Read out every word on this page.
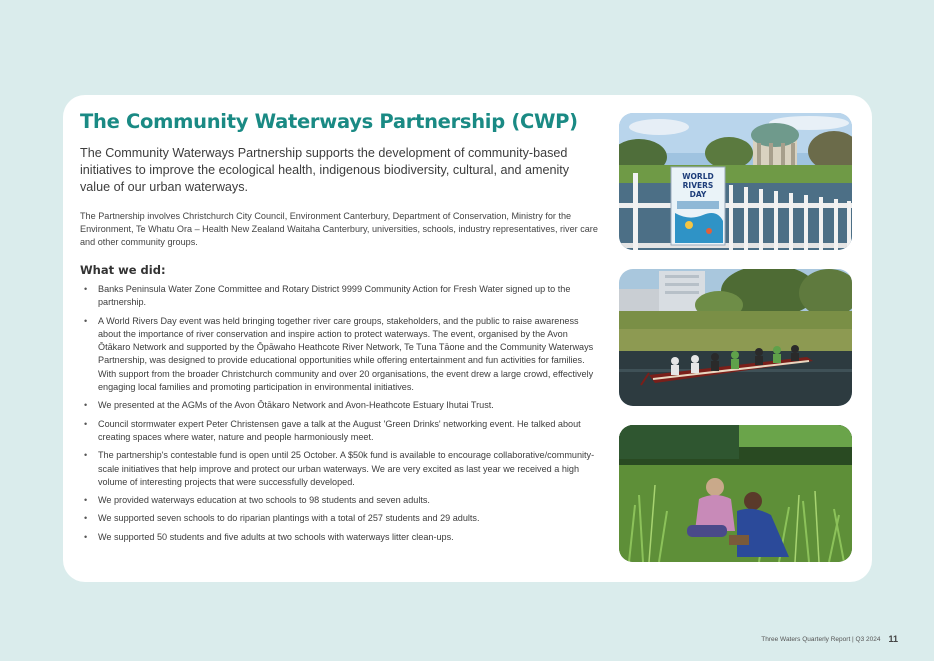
The Community Waterways Partnership (CWP)

The Community Waterways Partnership supports the development of community-based initiatives to improve the ecological health, indigenous biodiversity, cultural, and amenity value of our urban waterways.

The Partnership involves Christchurch City Council, Environment Canterbury, Department of Conservation, Ministry for the Environment, Te Whatu Ora – Health New Zealand Waitaha Canterbury, universities, schools, industry representatives, river care and other community groups.

What we did:
• Banks Peninsula Water Zone Committee and Rotary District 9999 Community Action for Fresh Water signed up to the partnership.
• A World Rivers Day event was held bringing together river care groups, stakeholders, and the public to raise awareness about the importance of river conservation and inspire action to protect waterways. The event, organised by the Avon Ōtākaro Network and supported by the Ōpāwaho Heathcote River Network, Te Tuna Tāone and the Community Waterways Partnership, was designed to provide educational opportunities while offering entertainment and fun activities for families. With support from the broader Christchurch community and over 20 organisations, the event drew a large crowd, effectively engaging local families and promoting participation in environmental initiatives.
• We presented at the AGMs of the Avon Ōtākaro Network and Avon-Heathcote Estuary Ihutai Trust.
• Council stormwater expert Peter Christensen gave a talk at the August 'Green Drinks' networking event. He talked about creating spaces where water, nature and people harmoniously meet.
• The partnership's contestable fund is open until 25 October. A $50k fund is available to encourage collaborative/community-scale initiatives that help improve and protect our urban waterways. We are very excited as last year we received a high volume of interesting projects that were successfully developed.
• We provided waterways education at two schools to 98 students and seven adults.
• We supported seven schools to do riparian plantings with a total of 257 students and 29 adults.
• We supported 50 students and five adults at two schools with waterways litter clean-ups.
WORLD
RIVERS
DAY
Three Waters Quarterly Report | Q3 2024 11
